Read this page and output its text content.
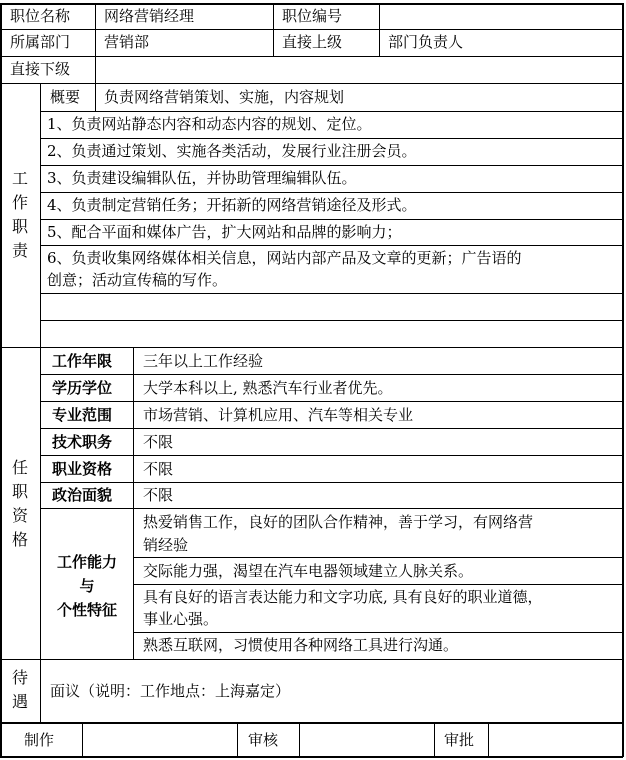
职位名称 网络营销经理	职位编号
所属部门 营销部	直接上级	部门负责人
直接下级
工
作
职
责
概要 负责网络营销策划、实施，内容规划
1、负责网站静态内容和动态内容的规划、定位。
2、负责通过策划、实施各类活动，发展行业注册会员。
3、负责建设编辑队伍，并协助管理编辑队伍。
4、负责制定营销任务；开拓新的网络营销途径及形式。
5、配合平面和媒体广告，扩大网站和品牌的影响力；
6、负责收集网络媒体相关信息，网站内部产品及文章的更新；广告语的
创意；活动宣传稿的写作。
任
职
资
格
工作年限 三年以上工作经验
学历学位 大学本科以上, 熟悉汽车行业者优先。
专业范围 市场营销、计算机应用、汽车等相关专业
技术职务 不限
职业资格 不限
政治面貌 不限
工作能力
与
个性特征
热爱销售工作，良好的团队合作精神，善于学习，有网络营
销经验
交际能力强，渴望在汽车电器领域建立人脉关系。
具有良好的语言表达能力和文字功底, 具有良好的职业道德，
事业心强。
熟悉互联网，习惯使用各种网络工具进行沟通。
待
遇
面议（说明：工作地点：上海嘉定）
制作	审核	审批
